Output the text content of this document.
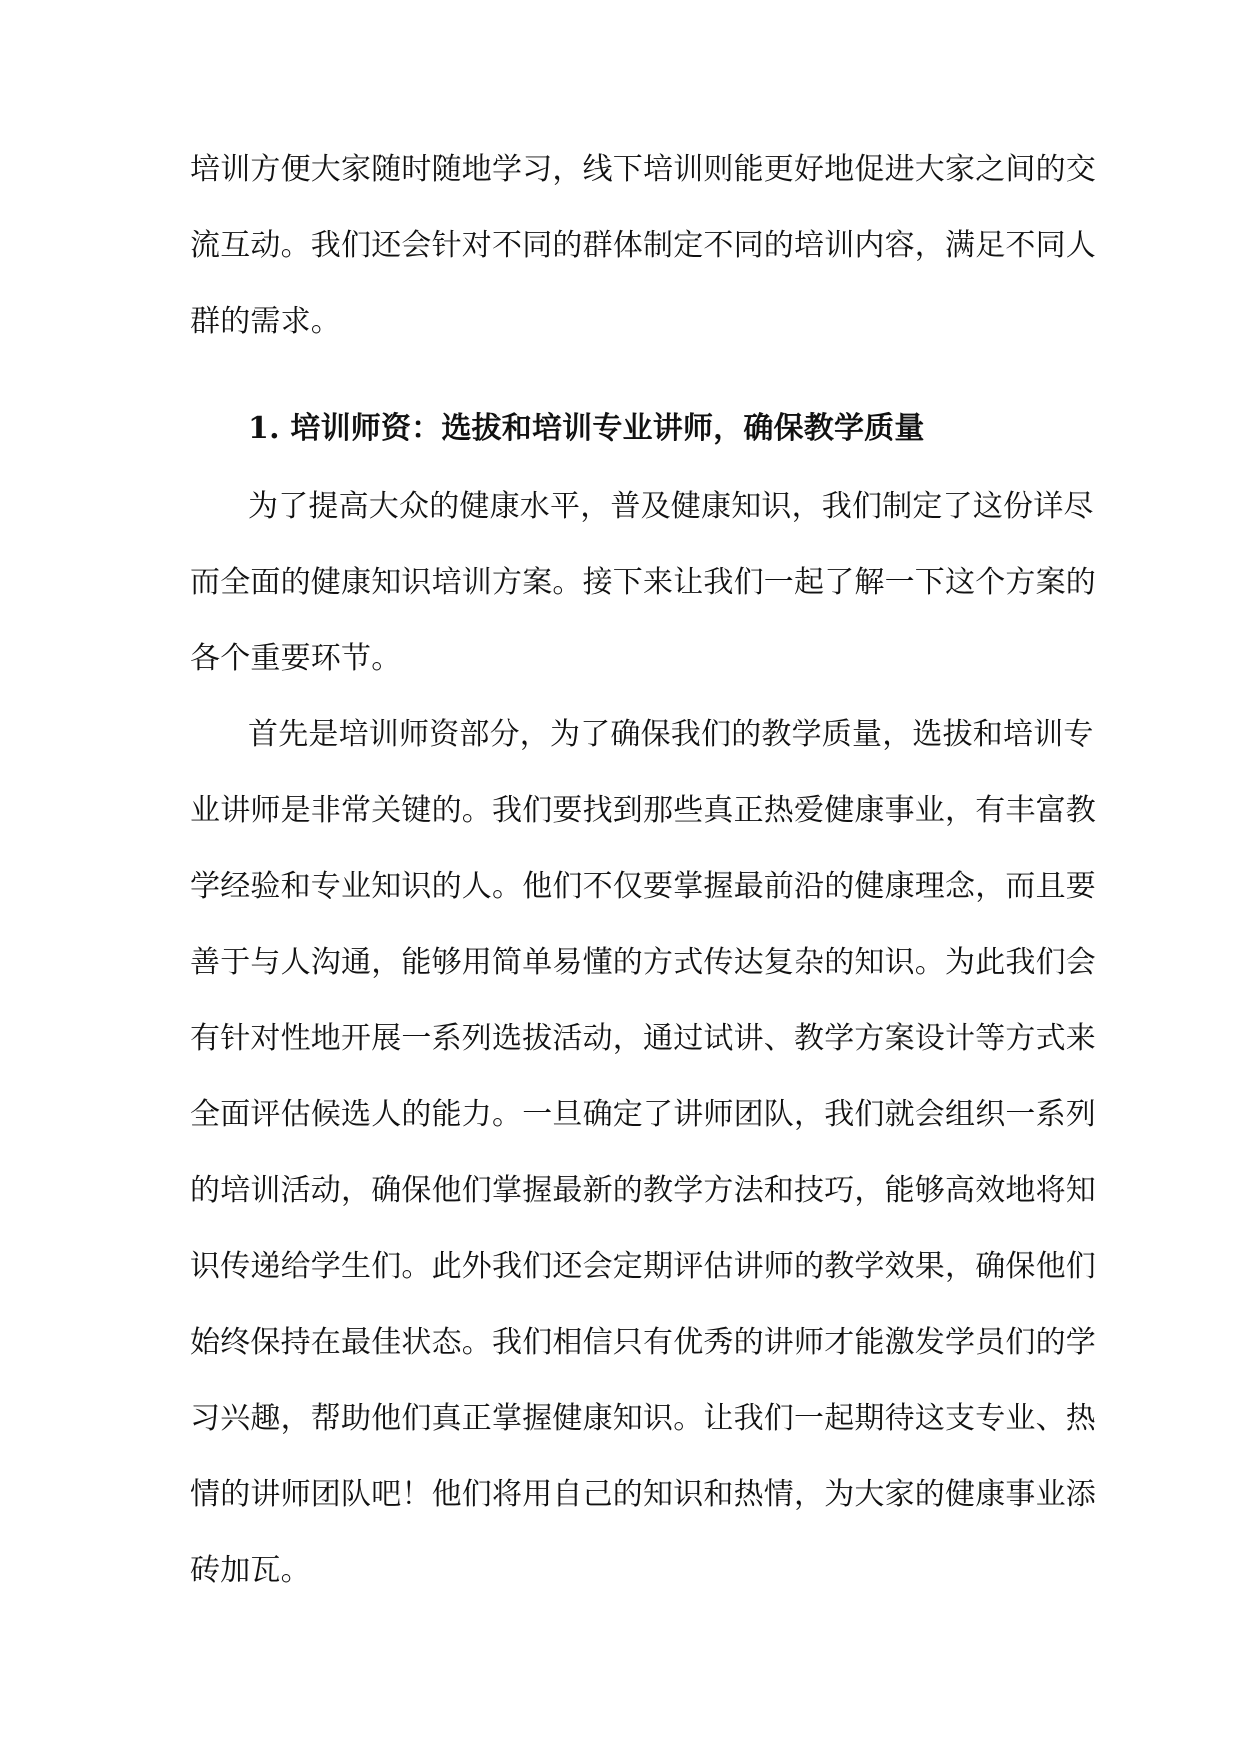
培训方便大家随时随地学习，线下培训则能更好地促进大家之间的交
流互动。我们还会针对不同的群体制定不同的培训内容，满足不同人
群的需求。
1. 培训师资：选拔和培训专业讲师，确保教学质量
为了提高大众的健康水平，普及健康知识，我们制定了这份详尽
而全面的健康知识培训方案。接下来让我们一起了解一下这个方案的
各个重要环节。
首先是培训师资部分，为了确保我们的教学质量，选拔和培训专
业讲师是非常关键的。我们要找到那些真正热爱健康事业，有丰富教
学经验和专业知识的人。他们不仅要掌握最前沿的健康理念，而且要
善于与人沟通，能够用简单易懂的方式传达复杂的知识。为此我们会
有针对性地开展一系列选拔活动，通过试讲、教学方案设计等方式来
全面评估候选人的能力。一旦确定了讲师团队，我们就会组织一系列
的培训活动，确保他们掌握最新的教学方法和技巧，能够高效地将知
识传递给学生们。此外我们还会定期评估讲师的教学效果，确保他们
始终保持在最佳状态。我们相信只有优秀的讲师才能激发学员们的学
习兴趣，帮助他们真正掌握健康知识。让我们一起期待这支专业、热
情的讲师团队吧！他们将用自己的知识和热情，为大家的健康事业添
砖加瓦。
